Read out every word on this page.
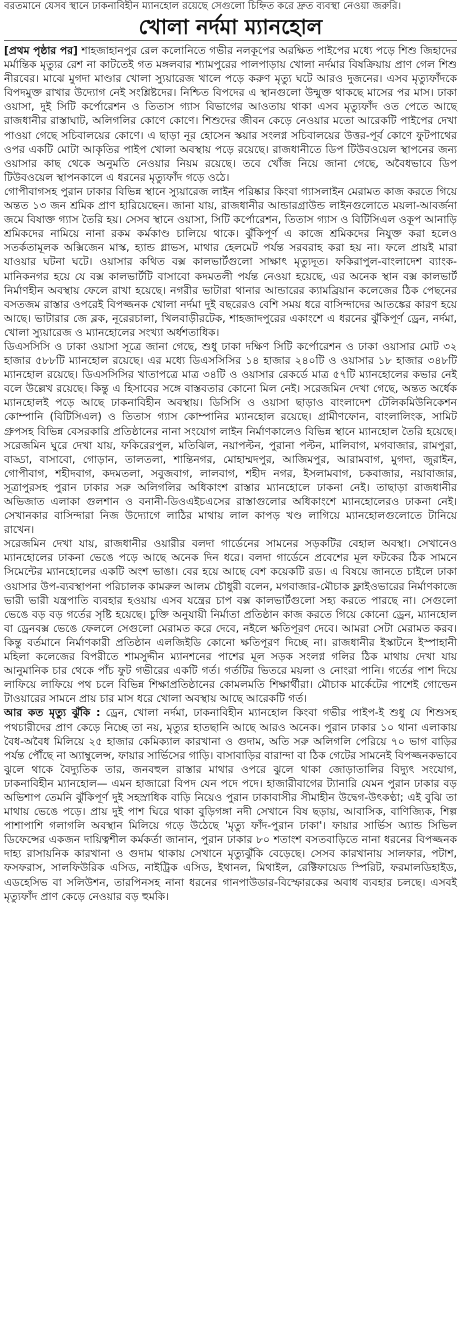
বরতমানে যেসব স্থানে ঢাকনাবিহীন ম্যানহোল রয়েছে সেগুলো চিহ্নিত করে দ্রুত ব্যবস্থা নেওয়া জরুরি।
খোলা নর্দমা ম্যানহোল

[প্রথম পৃষ্ঠার পর] শাহজাহানপুর রেল কলোনিতে গভীর নলকূপের অরক্ষিত পাইপের মধ্যে পড়ে শিশু জিহাদের মর্মান্তিক মৃত্যুর রেশ না কাটতেই গত মঙ্গলবার শ্যামপুরের পালপাড়ায় খোলা নর্দমার বিষক্রিয়ায় প্রাণ গেল শিশু নীরবের। মাঝে মুগদা মাণ্ডার খোলা স্যুয়ারেজ খালে পড়ে করুণ মৃত্যু ঘটে আরও দুজনের। এসব মৃত্যুফাঁদকে বিপদমুক্ত রাখার উদ্যোগ নেই সংশ্লিষ্টদের। নিশ্চিত বিপদের এ স্থানগুলো উন্মুক্ত থাকছে মাসের পর মাস। ঢাকা ওয়াসা, দুই সিটি কর্পোরেশন ও তিতাস গ্যাস বিভাগের আওতায় থাকা এসব মৃত্যুফাঁদ ওত পেতে আছে রাজধানীর রাস্তাঘাট, অলিগলির কোণে কোণে। শিশুদের জীবন কেড়ে নেওয়ার মতো আরেকটি পাইপের দেখা পাওয়া গেছে সচিবালয়ের কোণে। এ ছাড়া নূর হোসেন স্কয়ার সংলগ্ন সচিবালয়ের উত্তর-পূর্ব কোণে ফুটপাথের ওপর একটি মোটা আকৃতির পাইপ খোলা অবস্থায় পড়ে রয়েছে। রাজধানীতে ডিপ টিউবওয়েল স্থাপনের জন্য ওয়াসার কাছ থেকে অনুমতি নেওয়ার নিয়ম রয়েছে। তবে খোঁজ নিয়ে জানা গেছে, অবৈধভাবে ডিপ টিউবওয়েল স্থাপনকালে এ ধরনের মৃত্যুফাঁদ গড়ে ওঠে।

গোপীবাগসহ পুরান ঢাকার বিভিন্ন স্থানে স্যুয়ারেজ লাইন পরিষ্কার কিংবা গ্যাসলাইন মেরামত কাজ করতে গিয়ে অন্তত ১৩ জন শ্রমিক প্রাণ হারিয়েছেন। জানা যায়, রাজধানীর আন্ডারগ্রাউন্ড লাইনগুলোতে ময়লা-আবর্জনা জমে বিষাক্ত গ্যাস তৈরি হয়। সেসব স্থানে ওয়াসা, সিটি কর্পোরেশন, তিতাস গ্যাস ও বিটিসিএল ওকূপ আনাড়ি শ্রমিকদের নামিয়ে নানা রকম কর্মকাণ্ড চালিয়ে থাকে। ঝুঁকিপূর্ণ এ কাজে শ্রমিকদের নিযুক্ত করা হলেও সতর্কতামূলক অক্সিজেন মাস্ক, হ্যান্ড গ্লাভস, মাথার হেলমেট পর্যন্ত সরবরাহ করা হয় না। ফলে প্রায়ই মারা যাওয়ার ঘটনা ঘটে। ওয়াসার কথিত বক্স কালভার্টগুলো সাক্ষাৎ মৃত্যুদূত। ফকিরাপুল-বাংলাদেশ ব্যাংক-মানিকনগর হয়ে যে বক্স কালভার্টটি বাসাবো কদমতলী পর্যন্ত নেওয়া হয়েছে, এর অনেক স্থান বক্স কালভার্ট নির্মাণহীন অবস্থায় ফেলে রাখা হয়েছে। নগরীর ভাটারা থানার আন্ডারের ক্যামব্রিয়ান কলেজের ঠিক পেছনের বসতজম রাস্তার ওপরেই বিপজ্জনক খোলা নর্দমা দুই বছরেরও বেশি সময় ধরে বাসিন্দাদের আতঙ্কের কারণ হয়ে আছে। ভাটারার জে ব্লক, নূরেরচালা, খিলবাড়ীরটেক, শাহজাদপুরের একাংশে এ ধরনের ঝুঁকিপূর্ণ ড্রেন, নর্দমা, খোলা স্যুয়ারেজ ও ম্যানহোলের সংখ্যা অর্ধশতাধিক।

ডিএসসিসি ও ঢাকা ওয়াসা সূত্রে জানা গেছে, শুধু ঢাকা দক্ষিণ সিটি কর্পোরেশন ও ঢাকা ওয়াসার মোট ৩২ হাজার ৫৮৮টি ম্যানহোল রয়েছে। এর মধ্যে ডিএসসিসির ১৪ হাজার ২৪০টি ও ওয়াসার ১৮ হাজার ৩৪৮টি ম্যানহোল রয়েছে। ডিএসসিসির খাতাপত্রে মাত্র ৩৪টি ও ওয়াসার রেকর্ডে মাত্র ৫৭টি ম্যানহোলের কভার নেই বলে উল্লেখ রয়েছে। কিন্তু এ হিসাবের সঙ্গে বাস্তবতার কোনো মিল নেই। সরেজমিন দেখা গেছে, অন্তত অর্ধেক ম্যানহোলই পড়ে আছে ঢাকনাবিহীন অবস্থায়। ডিসিসি ও ওয়াসা ছাড়াও বাংলাদেশ টেলিকমিউনিকেশন কোম্পানি (বিটিসিএল) ও তিতাস গ্যাস কোম্পানির ম্যানহোল রয়েছে। গ্রামীণফোন, বাংলালিংক, সামিট গ্রুপসহ বিভিন্ন বেসরকারি প্রতিষ্ঠানের নানা সংযোগ লাইন নির্মাণকালেও বিভিন্ন স্থানে ম্যানহোল তৈরি হয়েছে। সরেজমিন ঘুরে দেখা যায়, ফকিরেরপুল, মতিঝিল, নয়াপল্টন, পুরানা পল্টন, মালিবাগ, মগবাজার, রামপুরা, বাড্ডা, বাসাবো, গোড়ান, তালতলা, শান্তিনগর, মোহাম্মদপুর, আজিমপুর, আরামবাগ, মুগদা, জুরাইন, গোপীবাগ, শহীদবাগ, কদমতলা, সবুজবাগ, লালবাগ, শহীদ নগর, ইসলামবাগ, চকবাজার, নয়াবাজার, সূত্রাপুরসহ পুরান ঢাকার সরু অলিগলির অধিকাংশ রাস্তার ম্যানহোলে ঢাকনা নেই। তাছাড়া রাজধানীর অভিজাত এলাকা গুলশান ও বনানী-ডিওএইচএসের রাস্তাগুলোর অধিকাংশে ম্যানহোলেরও ঢাকনা নেই। সেখানকার বাসিন্দারা নিজ উদ্যোগে লাঠির মাথায় লাল কাপড় খণ্ড লাগিয়ে ম্যানহোলগুলোতে টানিয়ে রাখেন।

সরেজমিন দেখা যায়, রাজধানীর ওয়ারীর বলদা গার্ডেনের সামনের সড়কটির বেহাল অবস্থা। সেখানেও ম্যানহোলের ঢাকনা ভেঙে পড়ে আছে অনেক দিন ধরে। বলদা গার্ডেনে প্রবেশের মূল ফটকের ঠিক সামনে সিমেন্টের ম্যানহোলের একটি অংশ ভাঙা। বের হয়ে আছে বেশ কয়েকটি রড। এ বিষয়ে জানতে চাইলে ঢাকা ওয়াসার উপ-ব্যবস্থাপনা পরিচালক কামরুল আলম চৌধুরী বলেন, মগবাজার-মৌচাক ফ্লাইওভারের নির্মাণকাজে ভারী ভারী যন্ত্রপাতি ব্যবহার হওয়ায় এসব যন্ত্রের চাপ বক্স কালভার্টগুলো সহ্য করতে পারছে না। সেগুলো ভেঙে বড় বড় গর্তের সৃষ্টি হয়েছে। চুক্তি অনুযায়ী নির্মাতা প্রতিষ্ঠান কাজ করতে গিয়ে কোনো ড্রেন, ম্যানহোল বা ড্রেনবক্স ভেঙে ফেললে সেগুলো মেরামত করে দেবে, নইলে ক্ষতিপূরণ দেবে। আমরা সেটা মেরামত করব। কিন্তু বর্তমানে নির্মাণকারী প্রতিষ্ঠান এলজিইডি কোনো ক্ষতিপূরণ দিচ্ছে না। রাজধানীর ইস্কাটনে ইস্পাহানী মহিলা কলেজের বিপরীতে শামসুদ্দীন ম্যানশনের পাশের মূল সড়ক সংলগ্ন গলির ঠিক মাথায় দেখা যায় আনুমানিক চার থেকে পাঁচ ফুট গভীরের একটি গর্ত। গর্তটির ভিতরে ময়লা ও নোংরা পানি। গর্তের পাশ দিয়ে লাফিয়ে লাফিয়ে পথ চলে বিভিন্ন শিক্ষাপ্রতিষ্ঠানের কোমলমতি শিক্ষার্থীরা। মৌচাক মার্কেটের পাশেই গোল্ডেন টাওয়ারের সামনে প্রায় চার মাস ধরে খোলা অবস্থায় আছে আরেকটি গর্ত।

আর কত মৃত্যু ঝুঁকি : ড্রেন, খোলা নর্দমা, ঢাকনাবিহীন ম্যানহোল কিংবা গভীর পাইপ-ই শুধু যে শিশুসহ পথচারীদের প্রাণ কেড়ে নিচ্ছে তা নয়, মৃত্যুর হাতছানি আছে আরও অনেক। পুরান ঢাকার ১০ থানা এলাকায় বৈধ-অবৈধ মিলিয়ে ২৫ হাজার কেমিক্যাল কারখানা ও গুদাম, অতি সরু অলিগলি পেরিয়ে ৭০ ভাগ বাড়ির পর্যন্ত পৌঁছে না অ্যাম্বুলেন্স, ফায়ার সার্ভিসের গাড়ি। বাসাবাড়ির বারান্দা বা ঠিক গেটের সামনেই বিপজ্জনকভাবে ঝুলে থাকে বৈদ্যুতিক তার, জনবহুল রাস্তার মাথার ওপরে ঝুলে থাকা জোড়াতালির বিদ্যুৎ সংযোগ, ঢাকনাবিহীন ম্যানহোল— এমন হাজারো বিপদ যেন পদে পদে। হাজারীবাগের ট্যানারি যেমন পুরান ঢাকার বড় অভিশাপ তেমনি ঝুঁকিপূর্ণ দুই সহস্রাধিক বাড়ি নিয়েও পুরান ঢাকাবাসীর সীমাহীন উদ্বেগ-উৎকণ্ঠা; এই বুঝি তা মাথায় ভেঙে পড়ে। প্রায় দুই পাশ ঘিরে থাকা বুড়িগঙ্গা নদী সেখানে বিষ ছড়ায়, আবাসিক, বাণিজ্যিক, শিল্প পাশাপাশি গলাগলি অবস্থান মিলিয়ে গড়ে উঠেছে 'মৃত্যু ফাঁদ-পুরান ঢাকা'। ফায়ার সার্ভিস অ্যান্ড সিভিল ডিফেন্সের একজন দায়িত্বশীল কর্মকর্তা জানান, পুরান ঢাকার ৮০ শতাংশ বসতবাড়িতে নানা ধরনের বিপজ্জনক দাহ্য রাসায়নিক কারখানা ও গুদাম থাকায় সেখানে মৃত্যুঝুঁকি বেড়েছে। সেসব কারখানায় সালফার, পটাশ, ফসফরাস, সালফিউরিক এসিড, নাইট্রিক এসিড, ইথানল, মিথাইল, রেক্টিফায়েড স্পিরিট, ফরমালডিহাইড, এডহেসিভ বা সলিউশন, তারপিনসহ নানা ধরনের গানপাউডার-বিস্ফোরকের অবাধ ব্যবহার চলছে। এসবই মৃত্যুফাঁদ প্রাণ কেড়ে নেওয়ার বড় হুমকি।
